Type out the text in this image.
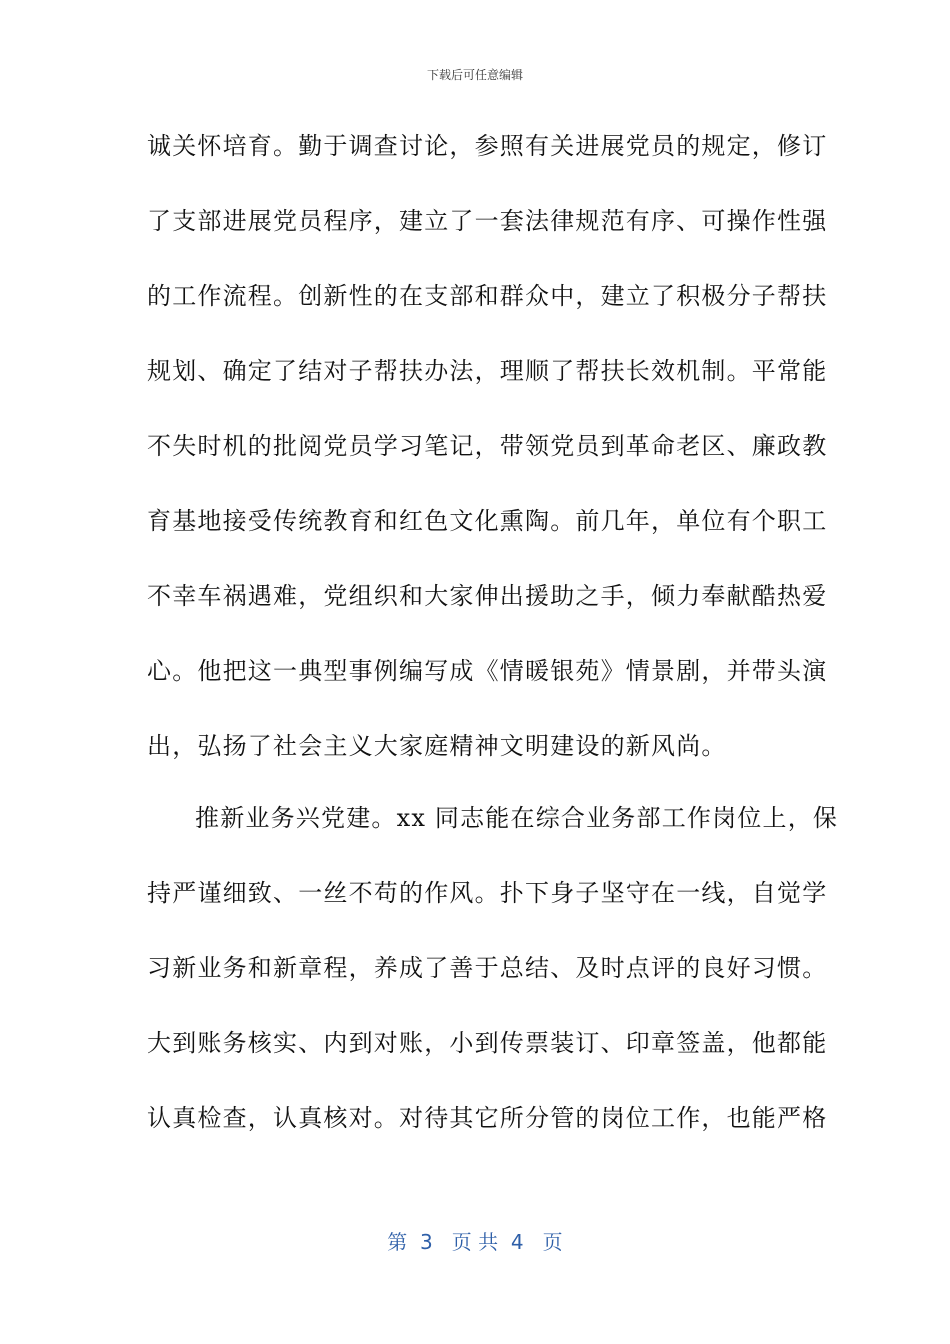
下载后可任意编辑
诚关怀培育。勤于调查讨论，参照有关进展党员的规定，修订
了支部进展党员程序，建立了一套法律规范有序、可操作性强
的工作流程。创新性的在支部和群众中，建立了积极分子帮扶
规划、确定了结对子帮扶办法，理顺了帮扶长效机制。平常能
不失时机的批阅党员学习笔记，带领党员到革命老区、廉政教
育基地接受传统教育和红色文化熏陶。前几年，单位有个职工
不幸车祸遇难，党组织和大家伸出援助之手，倾力奉献酷热爱
心。他把这一典型事例编写成《情暖银苑》情景剧，并带头演
出，弘扬了社会主义大家庭精神文明建设的新风尚。
推新业务兴党建。xx 同志能在综合业务部工作岗位上，保
持严谨细致、一丝不苟的作风。扑下身子坚守在一线，自觉学
习新业务和新章程，养成了善于总结、及时点评的良好习惯。
大到账务核实、内到对账，小到传票装订、印章签盖，他都能
认真检查，认真核对。对待其它所分管的岗位工作，也能严格
第  3   页 共  4   页
